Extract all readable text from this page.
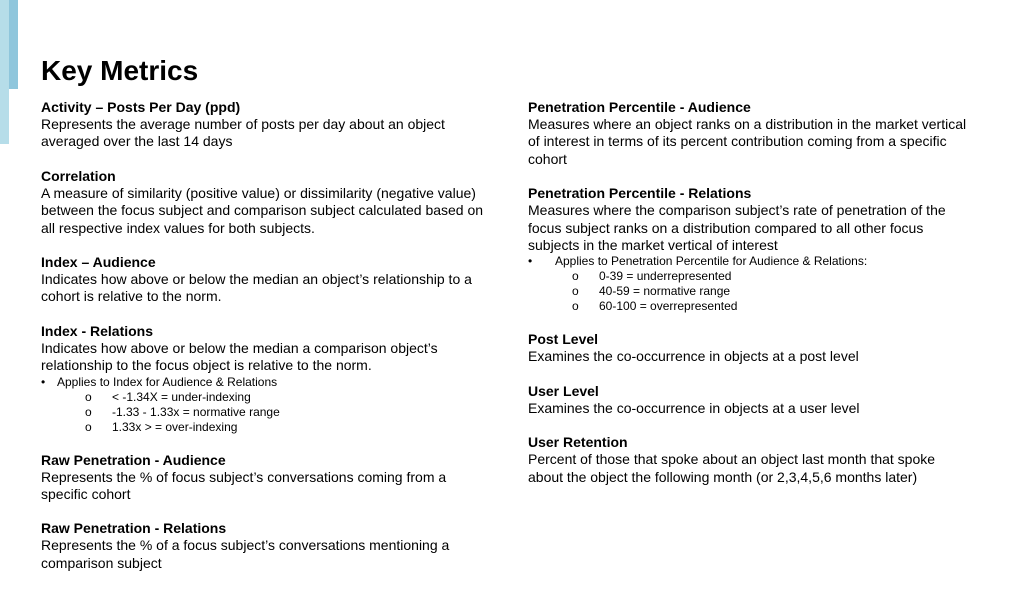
Key Metrics
Activity – Posts Per Day (ppd)

Represents the average number of posts per day about an object averaged over the last 14 days

Correlation

A measure of similarity (positive value) or dissimilarity (negative value) between the focus subject and comparison subject calculated based on all respective index values for both subjects.

Index – Audience

Indicates how above or below the median an object’s relationship to a cohort is relative to the norm.

Index - Relations

Indicates how above or below the median a comparison object’s relationship to the focus object is relative to the norm.

• Applies to Index for Audience & Relations
o < -1.34X = under-indexing
o -1.33 - 1.33x = normative range
o 1.33x > = over-indexing
Raw Penetration - Audience

Represents the % of focus subject’s conversations coming from a specific cohort

Raw Penetration - Relations

Represents the % of a focus subject’s conversations mentioning a comparison subject

Penetration Percentile - Audience

Measures where an object ranks on a distribution in the market vertical of interest in terms of its percent contribution coming from a specific cohort

Penetration Percentile - Relations

Measures where the comparison subject’s rate of penetration of the focus subject ranks on a distribution compared to all other focus subjects in the market vertical of interest

• Applies to Penetration Percentile for Audience & Relations:
o 0-39 = underrepresented
o 40-59 = normative range
o 60-100 = overrepresented
Post Level

Examines the co-occurrence in objects at a post level

User Level

Examines the co-occurrence in objects at a user level

User Retention

Percent of those that spoke about an object last month that spoke about the object the following month (or 2,3,4,5,6 months later)
